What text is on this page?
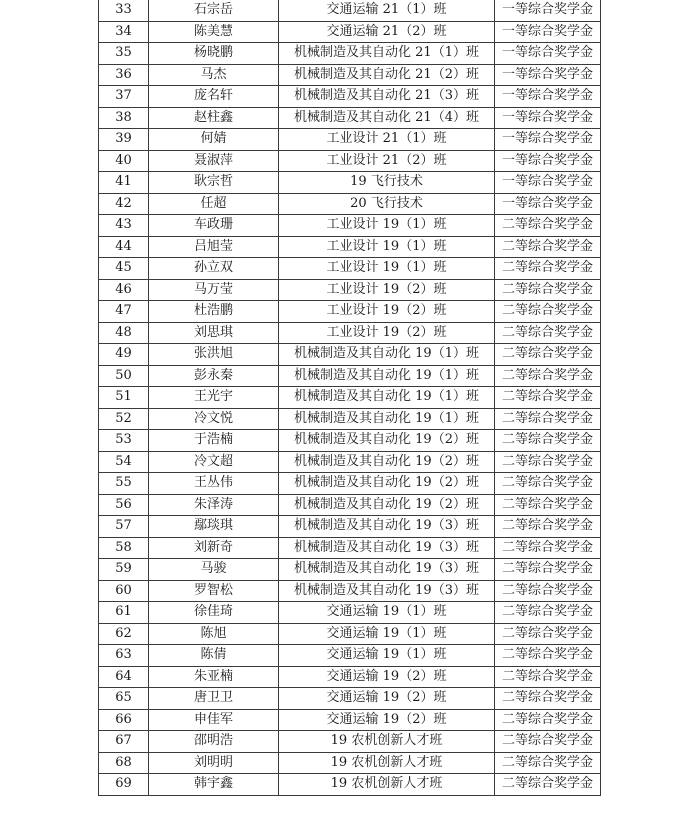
33	石宗岳	交通运输 21（1）班	一等综合奖学金
34	陈美慧	交通运输 21（2）班	一等综合奖学金
35	杨晓鹏	机械制造及其自动化 21（1）班	一等综合奖学金
36	马杰	机械制造及其自动化 21（2）班	一等综合奖学金
37	庞名轩	机械制造及其自动化 21（3）班	一等综合奖学金
38	赵柱鑫	机械制造及其自动化 21（4）班	一等综合奖学金
39	何婧	工业设计 21（1）班	一等综合奖学金
40	聂淑萍	工业设计 21（2）班	一等综合奖学金
41	耿宗哲	19 飞行技术	一等综合奖学金
42	任超	20 飞行技术	一等综合奖学金
43	车政珊	工业设计 19（1）班	二等综合奖学金
44	吕旭莹	工业设计 19（1）班	二等综合奖学金
45	孙立双	工业设计 19（1）班	二等综合奖学金
46	马万莹	工业设计 19（2）班	二等综合奖学金
47	杜浩鹏	工业设计 19（2）班	二等综合奖学金
48	刘思琪	工业设计 19（2）班	二等综合奖学金
49	张洪旭	机械制造及其自动化 19（1）班	二等综合奖学金
50	彭永秦	机械制造及其自动化 19（1）班	二等综合奖学金
51	王光宇	机械制造及其自动化 19（1）班	二等综合奖学金
52	冷文悦	机械制造及其自动化 19（1）班	二等综合奖学金
53	于浩楠	机械制造及其自动化 19（2）班	二等综合奖学金
54	冷文超	机械制造及其自动化 19（2）班	二等综合奖学金
55	王丛伟	机械制造及其自动化 19（2）班	二等综合奖学金
56	朱泽涛	机械制造及其自动化 19（2）班	二等综合奖学金
57	鄢琰琪	机械制造及其自动化 19（3）班	二等综合奖学金
58	刘新奇	机械制造及其自动化 19（3）班	二等综合奖学金
59	马骏	机械制造及其自动化 19（3）班	二等综合奖学金
60	罗智松	机械制造及其自动化 19（3）班	二等综合奖学金
61	徐佳琦	交通运输 19（1）班	二等综合奖学金
62	陈旭	交通运输 19（1）班	二等综合奖学金
63	陈倩	交通运输 19（1）班	二等综合奖学金
64	朱亚楠	交通运输 19（2）班	二等综合奖学金
65	唐卫卫	交通运输 19（2）班	二等综合奖学金
66	申佳军	交通运输 19（2）班	二等综合奖学金
67	邵明浩	19 农机创新人才班	二等综合奖学金
68	刘明明	19 农机创新人才班	二等综合奖学金
69	韩宇鑫	19 农机创新人才班	二等综合奖学金
